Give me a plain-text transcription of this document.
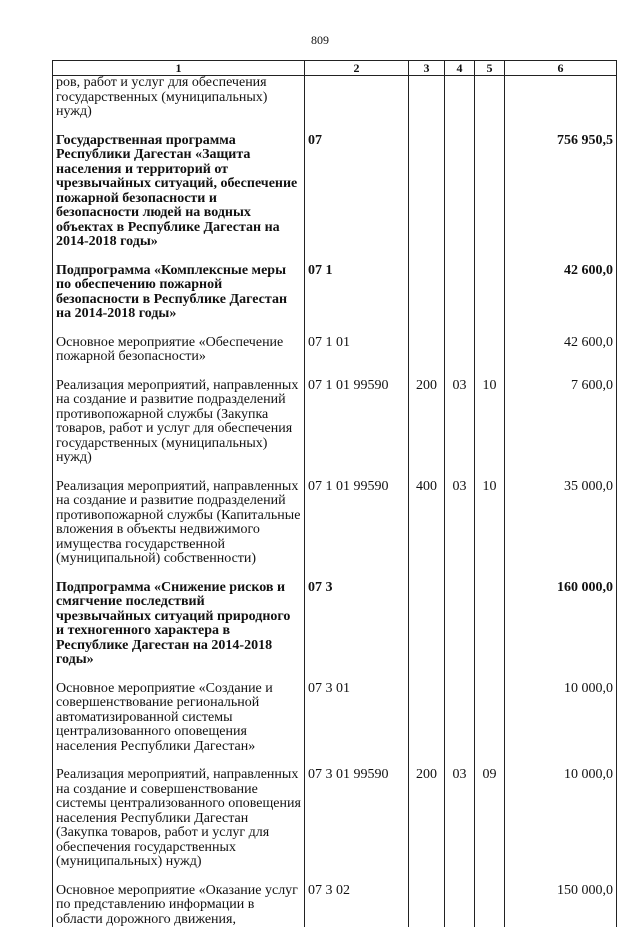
809
1	2	3	4	5	6
ров, работ и услуг для обеспечения государственных (муниципальных) нужд)					

Государственная программа Республики Дагестан «Защита населения и территорий от чрезвычайных ситуаций, обеспечение пожарной безопасности и безопасности людей на водных объектах в Республике Дагестан на 2014-2018 годы»	07				756 950,5

Подпрограмма «Комплексные меры по обеспечению пожарной безопасности в Республике Дагестан на 2014-2018 годы»	07 1				42 600,0

Основное мероприятие «Обеспечение пожарной безопасности»	07 1 01				42 600,0

Реализация мероприятий, направленных на создание и развитие подразделений противопожарной службы (Закупка товаров, работ и услуг для обеспечения государственных (муниципальных) нужд)	07 1 01 99590	200	03	10	7 600,0

Реализация мероприятий, направленных на создание и развитие подразделений противопожарной службы (Капитальные вложения в объекты недвижимого имущества государственной (муниципальной) собственности)	07 1 01 99590	400	03	10	35 000,0

Подпрограмма «Снижение рисков и смягчение последствий чрезвычайных ситуаций природного и техногенного характера в Республике Дагестан на 2014-2018 годы»	07 3				160 000,0

Основное мероприятие «Создание и совершенствование региональной автоматизированной системы централизованного оповещения населения Республики Дагестан»	07 3 01				10 000,0

Реализация мероприятий, направленных на создание и совершенствование системы централизованного оповещения населения Республики Дагестан (Закупка товаров, работ и услуг для обеспечения государственных (муниципальных) нужд)	07 3 01 99590	200	03	09	10 000,0

Основное мероприятие «Оказание услуг по представлению информации в области дорожного движения,	07 3 02				150 000,0
